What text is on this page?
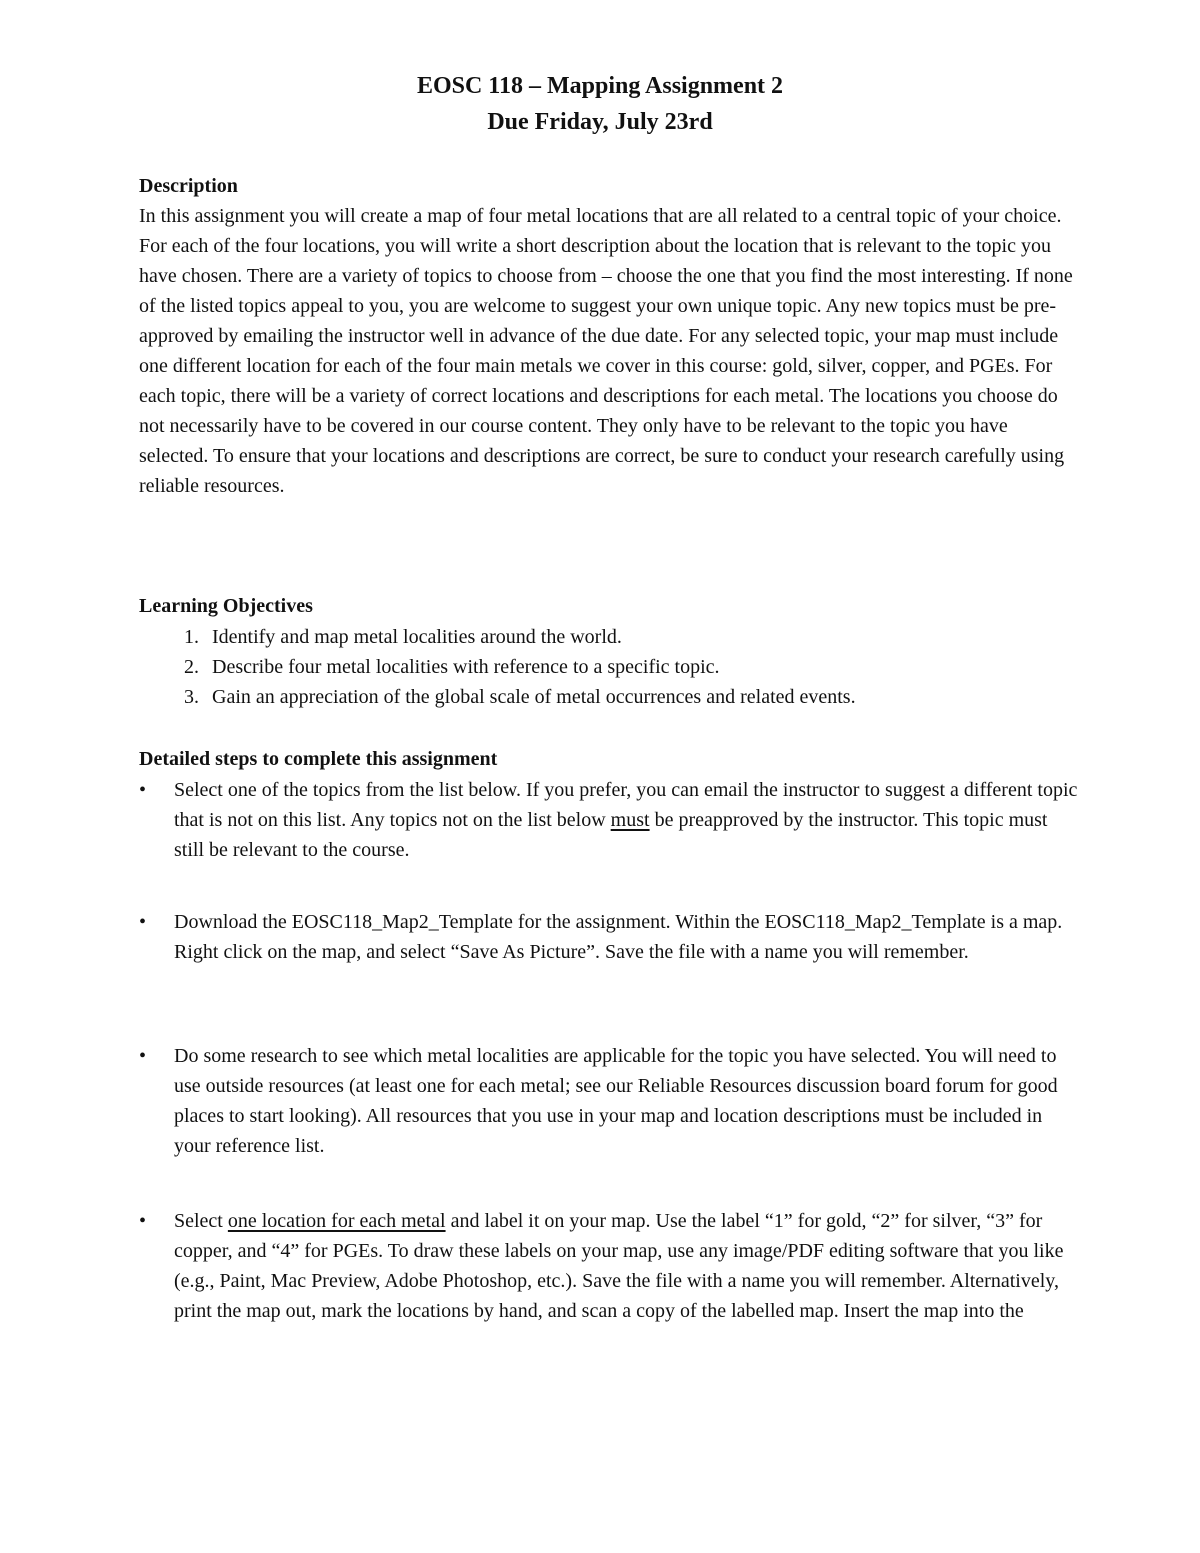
EOSC 118 – Mapping Assignment 2
Due Friday, July 23rd
Description
In this assignment you will create a map of four metal locations that are all related to a central topic of your choice. For each of the four locations, you will write a short description about the location that is relevant to the topic you have chosen. There are a variety of topics to choose from – choose the one that you find the most interesting. If none of the listed topics appeal to you, you are welcome to suggest your own unique topic. Any new topics must be pre-approved by emailing the instructor well in advance of the due date. For any selected topic, your map must include one different location for each of the four main metals we cover in this course: gold, silver, copper, and PGEs. For each topic, there will be a variety of correct locations and descriptions for each metal. The locations you choose do not necessarily have to be covered in our course content. They only have to be relevant to the topic you have selected. To ensure that your locations and descriptions are correct, be sure to conduct your research carefully using reliable resources.
Learning Objectives
1. Identify and map metal localities around the world.
2. Describe four metal localities with reference to a specific topic.
3. Gain an appreciation of the global scale of metal occurrences and related events.
Detailed steps to complete this assignment
•	Select one of the topics from the list below. If you prefer, you can email the instructor to suggest a different topic that is not on this list. Any topics not on the list below must be preapproved by the instructor. This topic must still be relevant to the course.
•	Download the EOSC118_Map2_Template for the assignment. Within the EOSC118_Map2_Template is a map. Right click on the map, and select “Save As Picture”. Save the file with a name you will remember.
•	Do some research to see which metal localities are applicable for the topic you have selected. You will need to use outside resources (at least one for each metal; see our Reliable Resources discussion board forum for good places to start looking). All resources that you use in your map and location descriptions must be included in your reference list.
•	Select one location for each metal and label it on your map. Use the label “1” for gold, “2” for silver, “3” for copper, and “4” for PGEs. To draw these labels on your map, use any image/PDF editing software that you like (e.g., Paint, Mac Preview, Adobe Photoshop, etc.). Save the file with a name you will remember. Alternatively, print the map out, mark the locations by hand, and scan a copy of the labelled map. Insert the map into the
